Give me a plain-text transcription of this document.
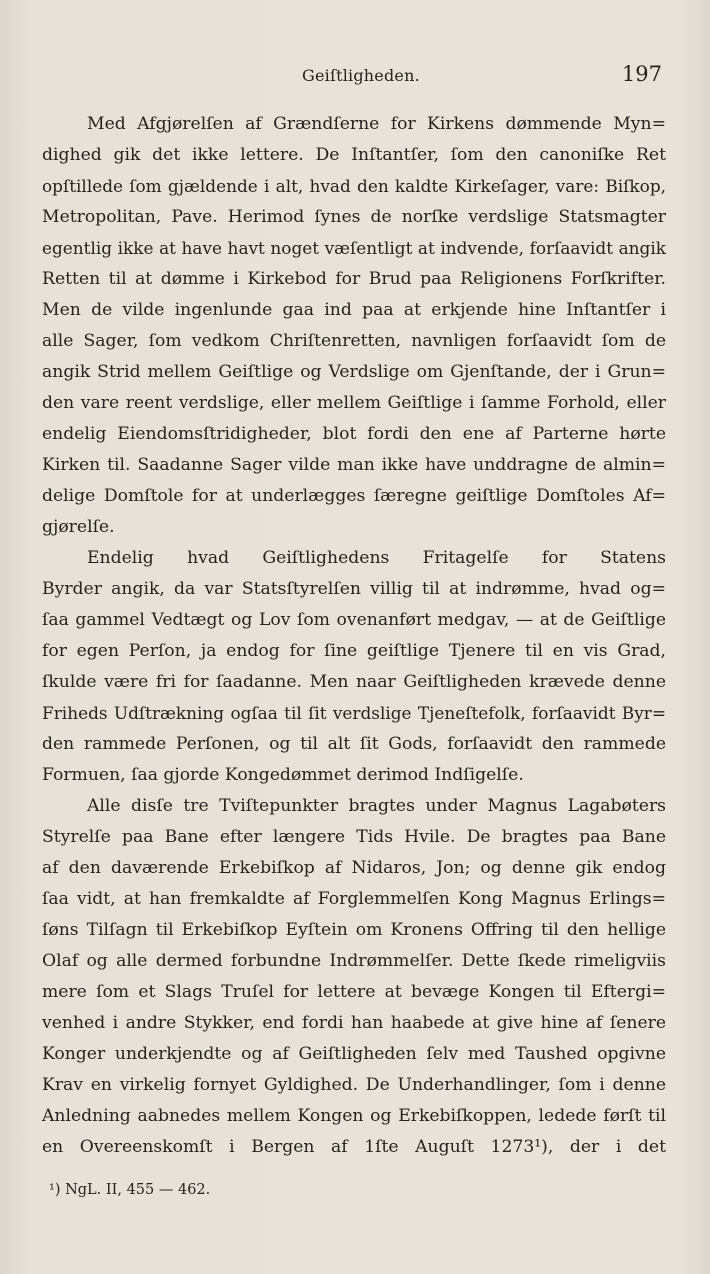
Geiſtligheden.	197
Med Afgjørelſen af Grændſerne for Kirkens dømmende Myn=
dighed gik det ikke lettere. De Inſtantſer, ſom den canoniſke Ret
opſtillede ſom gjældende i alt, hvad den kaldte Kirkeſager, vare: Biſkop,
Metropolitan, Pave. Herimod ſynes de norſke verdslige Statsmagter
egentlig ikke at have havt noget væſentligt at indvende, forſaavidt angik
Retten til at dømme i Kirkebod for Brud paa Religionens Forſkrifter.
Men de vilde ingenlunde gaa ind paa at erkjende hine Inſtantſer i
alle Sager, ſom vedkom Chriſtenretten, navnligen forſaavidt ſom de
angik Strid mellem Geiſtlige og Verdslige om Gjenſtande, der i Grun=
den vare reent verdslige, eller mellem Geiſtlige i ſamme Forhold, eller
endelig Eiendomsſtridigheder, blot fordi den ene af Parterne hørte
Kirken til. Saadanne Sager vilde man ikke have unddragne de almin=
delige Domſtole for at underlægges ſæregne geiſtlige Domſtoles Af=
gjørelſe.
Endelig hvad Geiſtlighedens Fritagelſe for Statens
Byrder angik, da var Statsſtyrelſen villig til at indrømme, hvad og=
ſaa gammel Vedtægt og Lov ſom ovenanført medgav, — at de Geiſtlige
for egen Perſon, ja endog for ſine geiſtlige Tjenere til en vis Grad,
ſkulde være fri for ſaadanne. Men naar Geiſtligheden krævede denne
Friheds Udſtrækning ogſaa til ſit verdslige Tjeneſtefolk, forſaavidt Byr=
den rammede Perſonen, og til alt ſit Gods, forſaavidt den rammede
Formuen, ſaa gjorde Kongedømmet derimod Indſigelſe.
Alle disſe tre Tviſtepunkter bragtes under Magnus Lagabøters
Styrelſe paa Bane efter længere Tids Hvile. De bragtes paa Bane
af den daværende Erkebiſkop af Nidaros, Jon; og denne gik endog
ſaa vidt, at han fremkaldte af Forglemmelſen Kong Magnus Erlings=
ſøns Tilſagn til Erkebiſkop Eyſtein om Kronens Offring til den hellige
Olaf og alle dermed forbundne Indrømmelſer. Dette ſkede rimeligviis
mere ſom et Slags Truſel for lettere at bevæge Kongen til Eftergi=
venhed i andre Stykker, end fordi han haabede at give hine af ſenere
Konger underkjendte og af Geiſtligheden ſelv med Taushed opgivne
Krav en virkelig fornyet Gyldighed. De Underhandlinger, ſom i denne
Anledning aabnedes mellem Kongen og Erkebiſkoppen, ledede førſt til
en Overeenskomſt i Bergen af 1ſte Auguſt 1273¹), der i det
¹) NgL. II, 455 — 462.
